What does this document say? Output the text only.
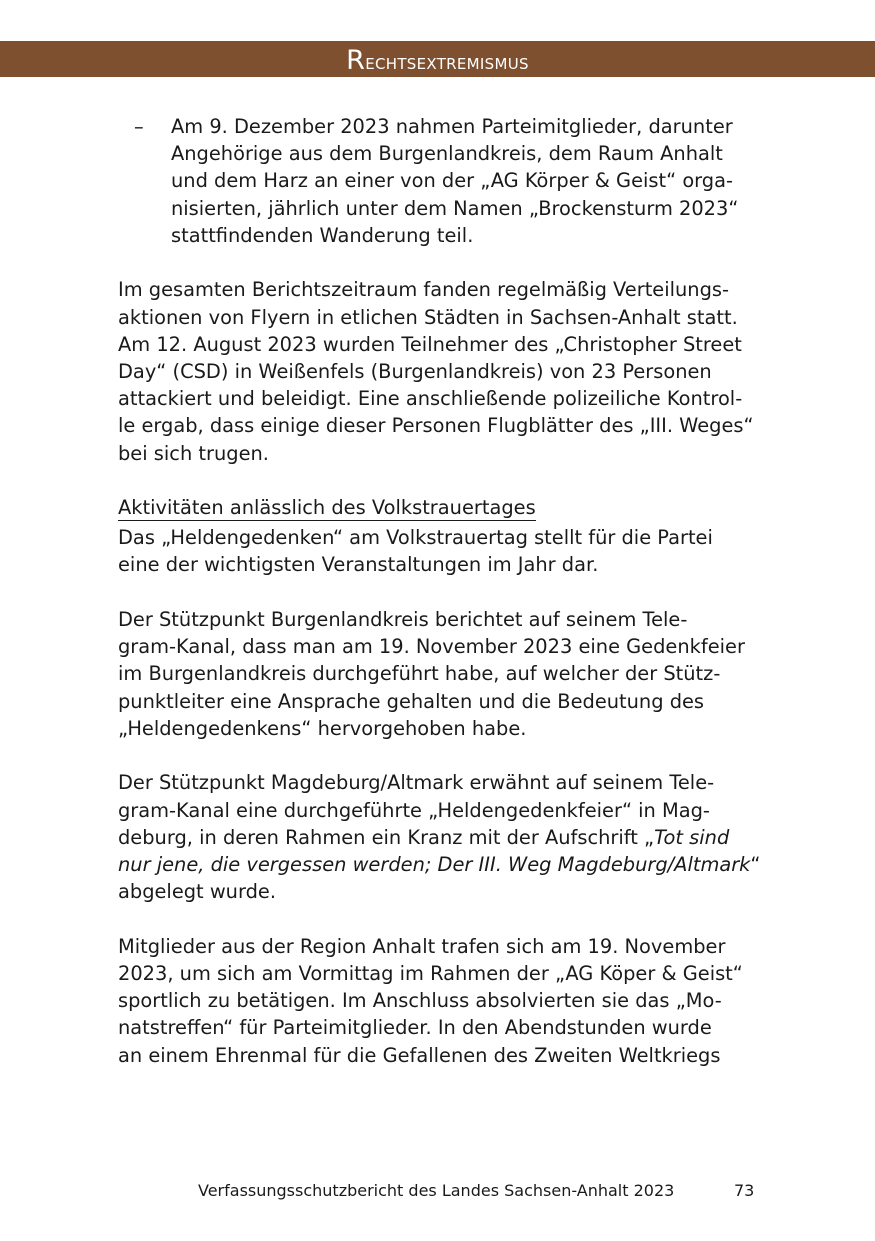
Rechtsextremismus
– Am 9. Dezember 2023 nahmen Parteimitglieder, darunter
Angehörige aus dem Burgenlandkreis, dem Raum Anhalt
und dem Harz an einer von der „AG Körper & Geist“ orga-
nisierten, jährlich unter dem Namen „Brockensturm 2023“
stattfindenden Wanderung teil.
Im gesamten Berichtszeitraum fanden regelmäßig Verteilungs-
aktionen von Flyern in etlichen Städten in Sachsen-Anhalt statt.
Am 12. August 2023 wurden Teilnehmer des „Christopher Street
Day“ (CSD) in Weißenfels (Burgenlandkreis) von 23 Personen
attackiert und beleidigt. Eine anschließende polizeiliche Kontrol-
le ergab, dass einige dieser Personen Flugblätter des „III. Weges“
bei sich trugen.
Aktivitäten anlässlich des Volkstrauertages
Das „Heldengedenken“ am Volkstrauertag stellt für die Partei
eine der wichtigsten Veranstaltungen im Jahr dar.
Der Stützpunkt Burgenlandkreis berichtet auf seinem Tele-
gram-Kanal, dass man am 19. November 2023 eine Gedenkfeier
im Burgenlandkreis durchgeführt habe, auf welcher der Stütz-
punktleiter eine Ansprache gehalten und die Bedeutung des
„Heldengedenkens“ hervorgehoben habe.
Der Stützpunkt Magdeburg/Altmark erwähnt auf seinem Tele-
gram-Kanal eine durchgeführte „Heldengedenkfeier“ in Mag-
deburg, in deren Rahmen ein Kranz mit der Aufschrift „Tot sind
nur jene, die vergessen werden; Der III. Weg Magdeburg/Altmark“
abgelegt wurde.
Mitglieder aus der Region Anhalt trafen sich am 19. November
2023, um sich am Vormittag im Rahmen der „AG Köper & Geist“
sportlich zu betätigen. Im Anschluss absolvierten sie das „Mo-
natstreffen“ für Parteimitglieder. In den Abendstunden wurde
an einem Ehrenmal für die Gefallenen des Zweiten Weltkriegs
Verfassungsschutzbericht des Landes Sachsen-Anhalt 2023	73
